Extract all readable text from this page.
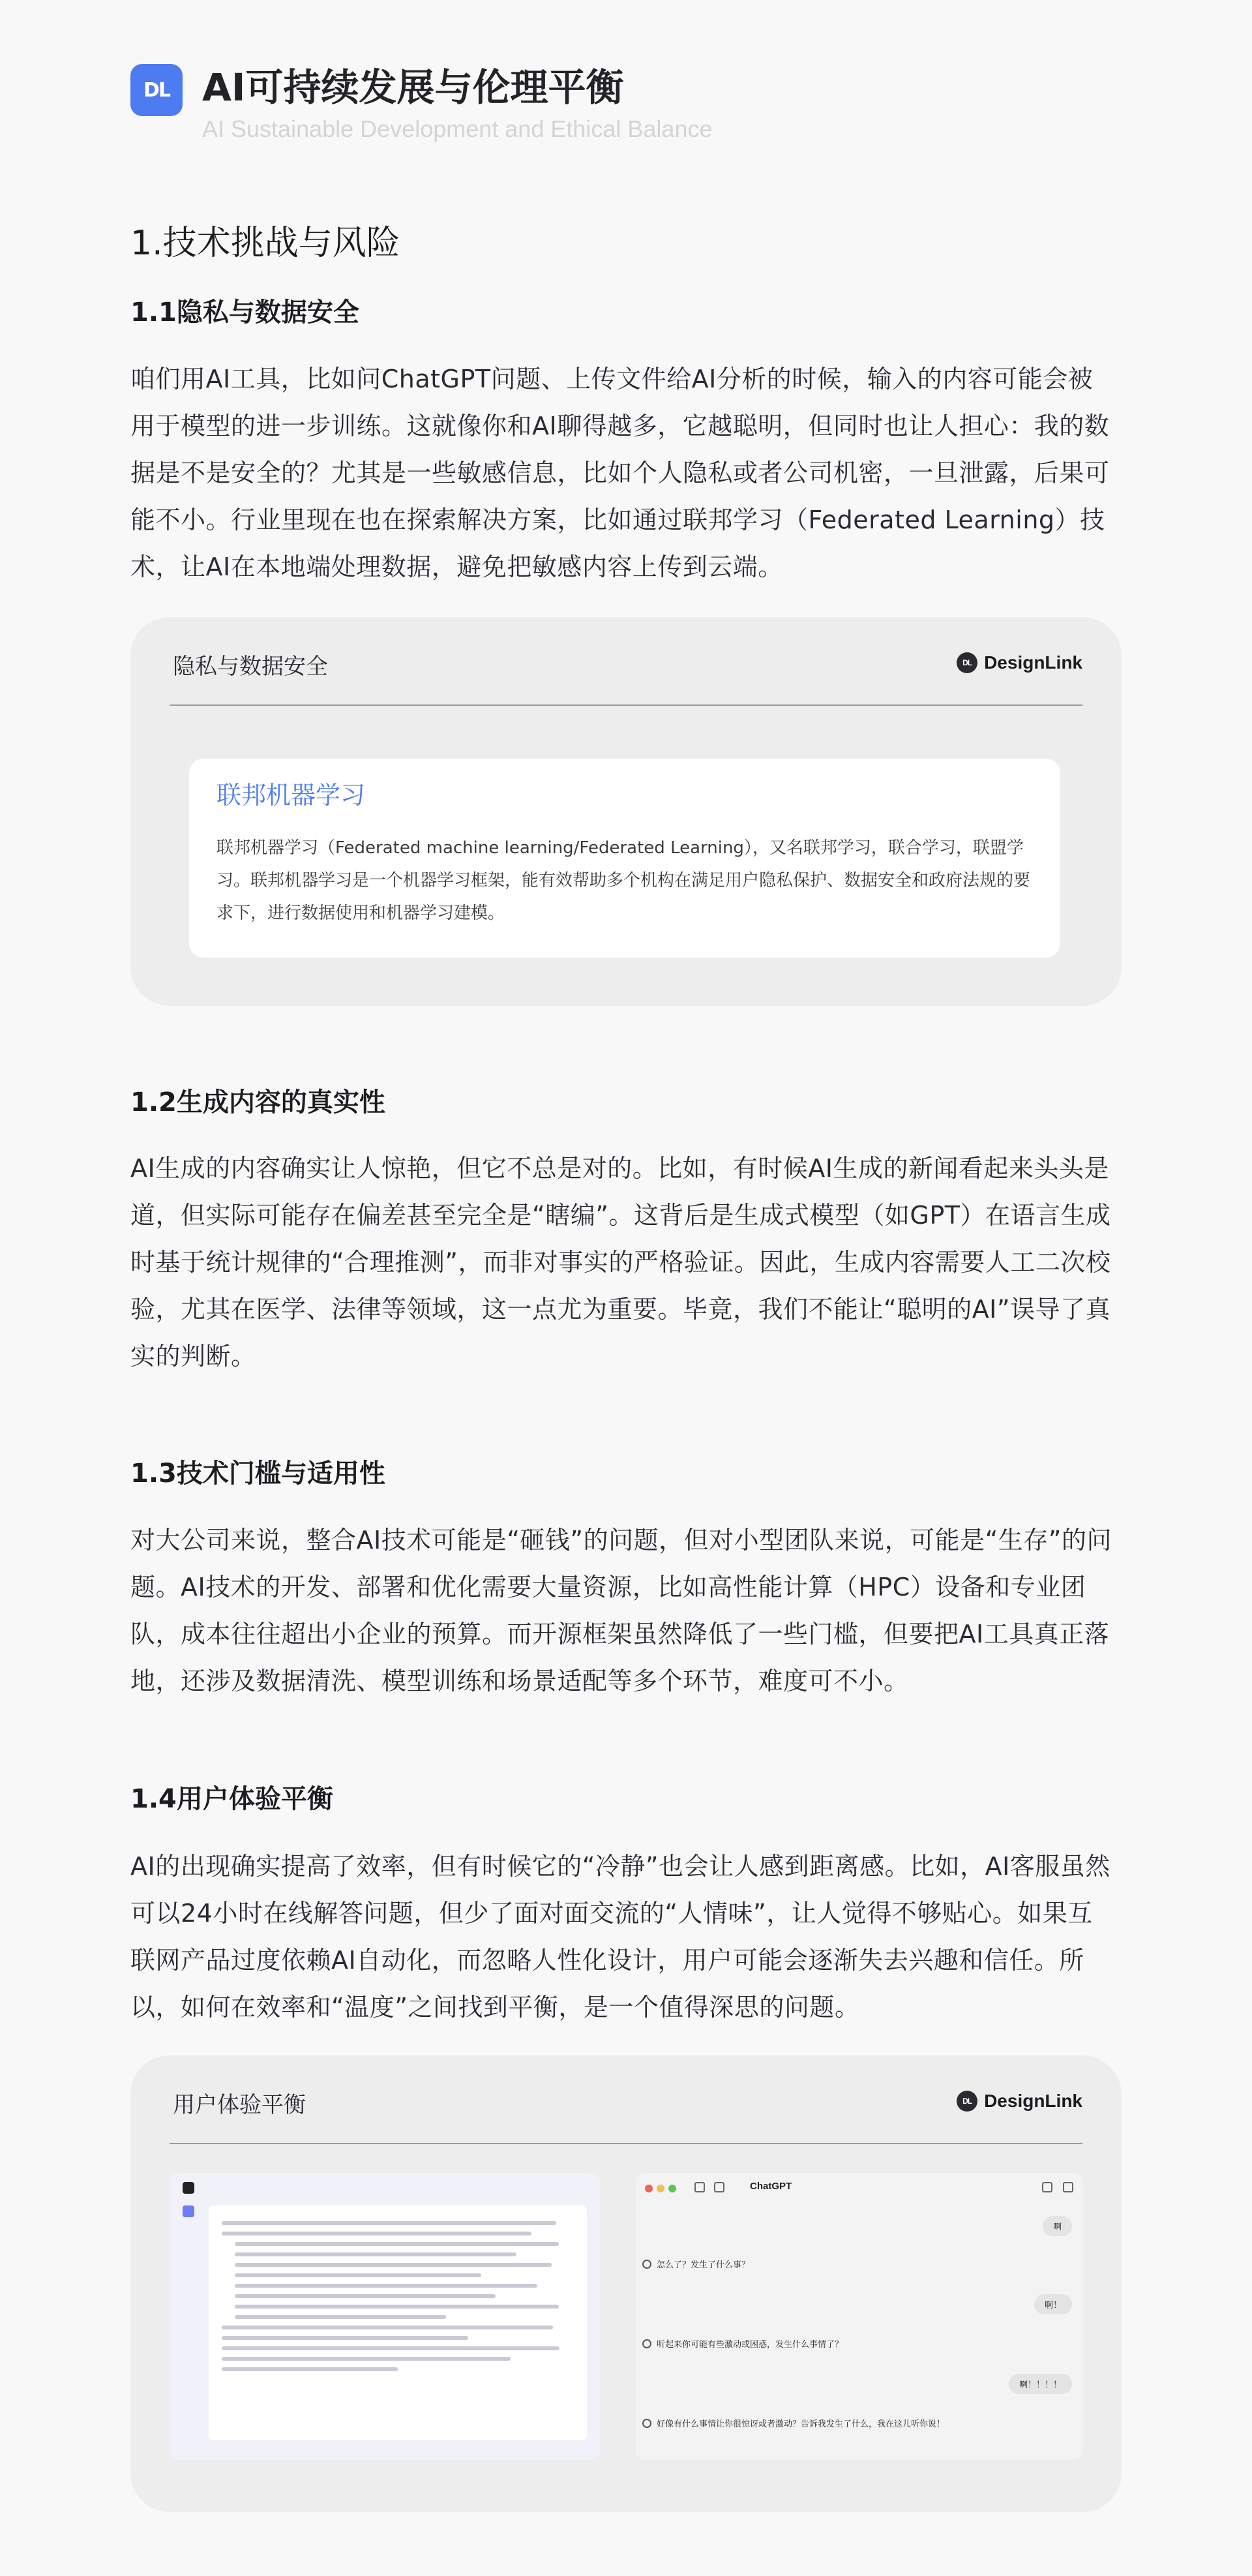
DL AI可持续发展与伦理平衡
AI Sustainable Development and Ethical Balance
1.技术挑战与风险
1.1隐私与数据安全
咱们用AI工具，比如问ChatGPT问题、上传文件给AI分析的时候，输入的内容可能会被用于模型的进一步训练。这就像你和AI聊得越多，它越聪明，但同时也让人担心：我的数据是不是安全的？尤其是一些敏感信息，比如个人隐私或者公司机密，一旦泄露，后果可能不小。行业里现在也在探索解决方案，比如通过联邦学习（Federated Learning）技术，让AI在本地端处理数据，避免把敏感内容上传到云端。
隐私与数据安全	DL DesignLink
联邦机器学习
联邦机器学习（Federated machine learning/Federated Learning），又名联邦学习，联合学习，联盟学习。联邦机器学习是一个机器学习框架，能有效帮助多个机构在满足用户隐私保护、数据安全和政府法规的要求下，进行数据使用和机器学习建模。
1.2生成内容的真实性
AI生成的内容确实让人惊艳，但它不总是对的。比如，有时候AI生成的新闻看起来头头是道，但实际可能存在偏差甚至完全是“瞎编”。这背后是生成式模型（如GPT）在语言生成时基于统计规律的“合理推测”，而非对事实的严格验证。因此，生成内容需要人工二次校验，尤其在医学、法律等领域，这一点尤为重要。毕竟，我们不能让“聪明的AI”误导了真实的判断。
1.3技术门槛与适用性
对大公司来说，整合AI技术可能是“砸钱”的问题，但对小型团队来说，可能是“生存”的问题。AI技术的开发、部署和优化需要大量资源，比如高性能计算（HPC）设备和专业团队，成本往往超出小企业的预算。而开源框架虽然降低了一些门槛，但要把AI工具真正落地，还涉及数据清洗、模型训练和场景适配等多个环节，难度可不小。
1.4用户体验平衡
AI的出现确实提高了效率，但有时候它的“冷静”也会让人感到距离感。比如，AI客服虽然可以24小时在线解答问题，但少了面对面交流的“人情味”，让人觉得不够贴心。如果互联网产品过度依赖AI自动化，而忽略人性化设计，用户可能会逐渐失去兴趣和信任。所以，如何在效率和“温度”之间找到平衡，是一个值得深思的问题。
用户体验平衡	DL DesignLink
ChatGPT
啊
怎么了？发生了什么事？
啊！
听起来你可能有些激动或困惑，发生什么事情了？
啊！！！！
好像有什么事情让你很惊讶或者激动？告诉我发生了什么，我在这儿听你说！
